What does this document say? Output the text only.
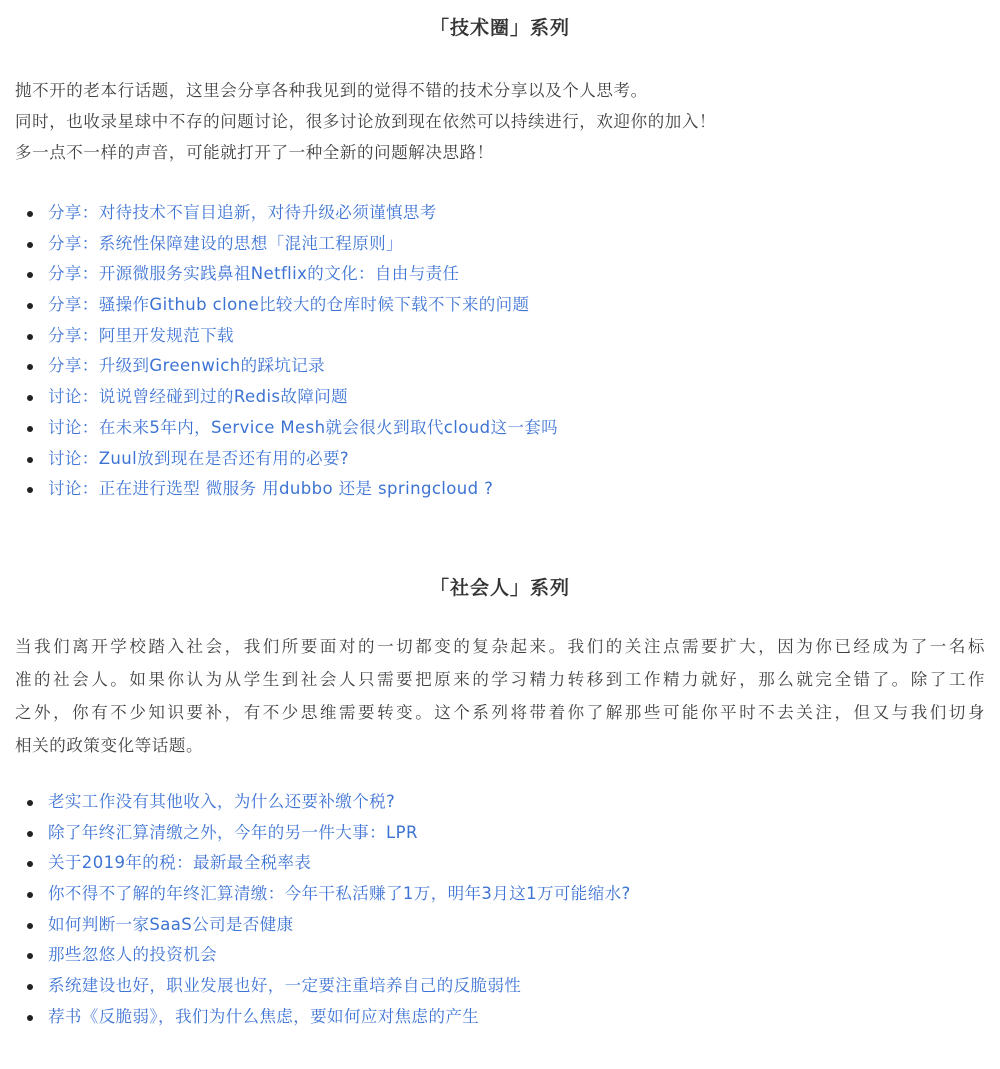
「技术圈」系列

抛不开的老本行话题，这里会分享各种我见到的觉得不错的技术分享以及个人思考。

同时，也收录星球中不存的问题讨论，很多讨论放到现在依然可以持续进行，欢迎你的加入！

多一点不一样的声音，可能就打开了一种全新的问题解决思路！

分享：对待技术不盲目追新，对待升级必须谨慎思考
分享：系统性保障建设的思想「混沌工程原则」
分享：开源微服务实践鼻祖Netflix的文化：自由与责任
分享：骚操作Github clone比较大的仓库时候下载不下来的问题
分享：阿里开发规范下载
分享：升级到Greenwich的踩坑记录
讨论：说说曾经碰到过的Redis故障问题
讨论：在未来5年内，Service Mesh就会很火到取代cloud这一套吗
讨论：Zuul放到现在是否还有用的必要?
讨论：正在进行选型 微服务 用dubbo 还是 springcloud ?
「社会人」系列

当我们离开学校踏入社会，我们所要面对的一切都变的复杂起来。我们的关注点需要扩大，因为你已经成为了一名标

准的社会人。如果你认为从学生到社会人只需要把原来的学习精力转移到工作精力就好，那么就完全错了。除了工作

之外，你有不少知识要补，有不少思维需要转变。这个系列将带着你了解那些可能你平时不去关注，但又与我们切身

相关的政策变化等话题。

老实工作没有其他收入，为什么还要补缴个税?
除了年终汇算清缴之外，今年的另一件大事：LPR
关于2019年的税：最新最全税率表
你不得不了解的年终汇算清缴：今年干私活赚了1万，明年3月这1万可能缩水?
如何判断一家SaaS公司是否健康
那些忽悠人的投资机会
系统建设也好，职业发展也好，一定要注重培养自己的反脆弱性
荐书《反脆弱》，我们为什么焦虑，要如何应对焦虑的产生
